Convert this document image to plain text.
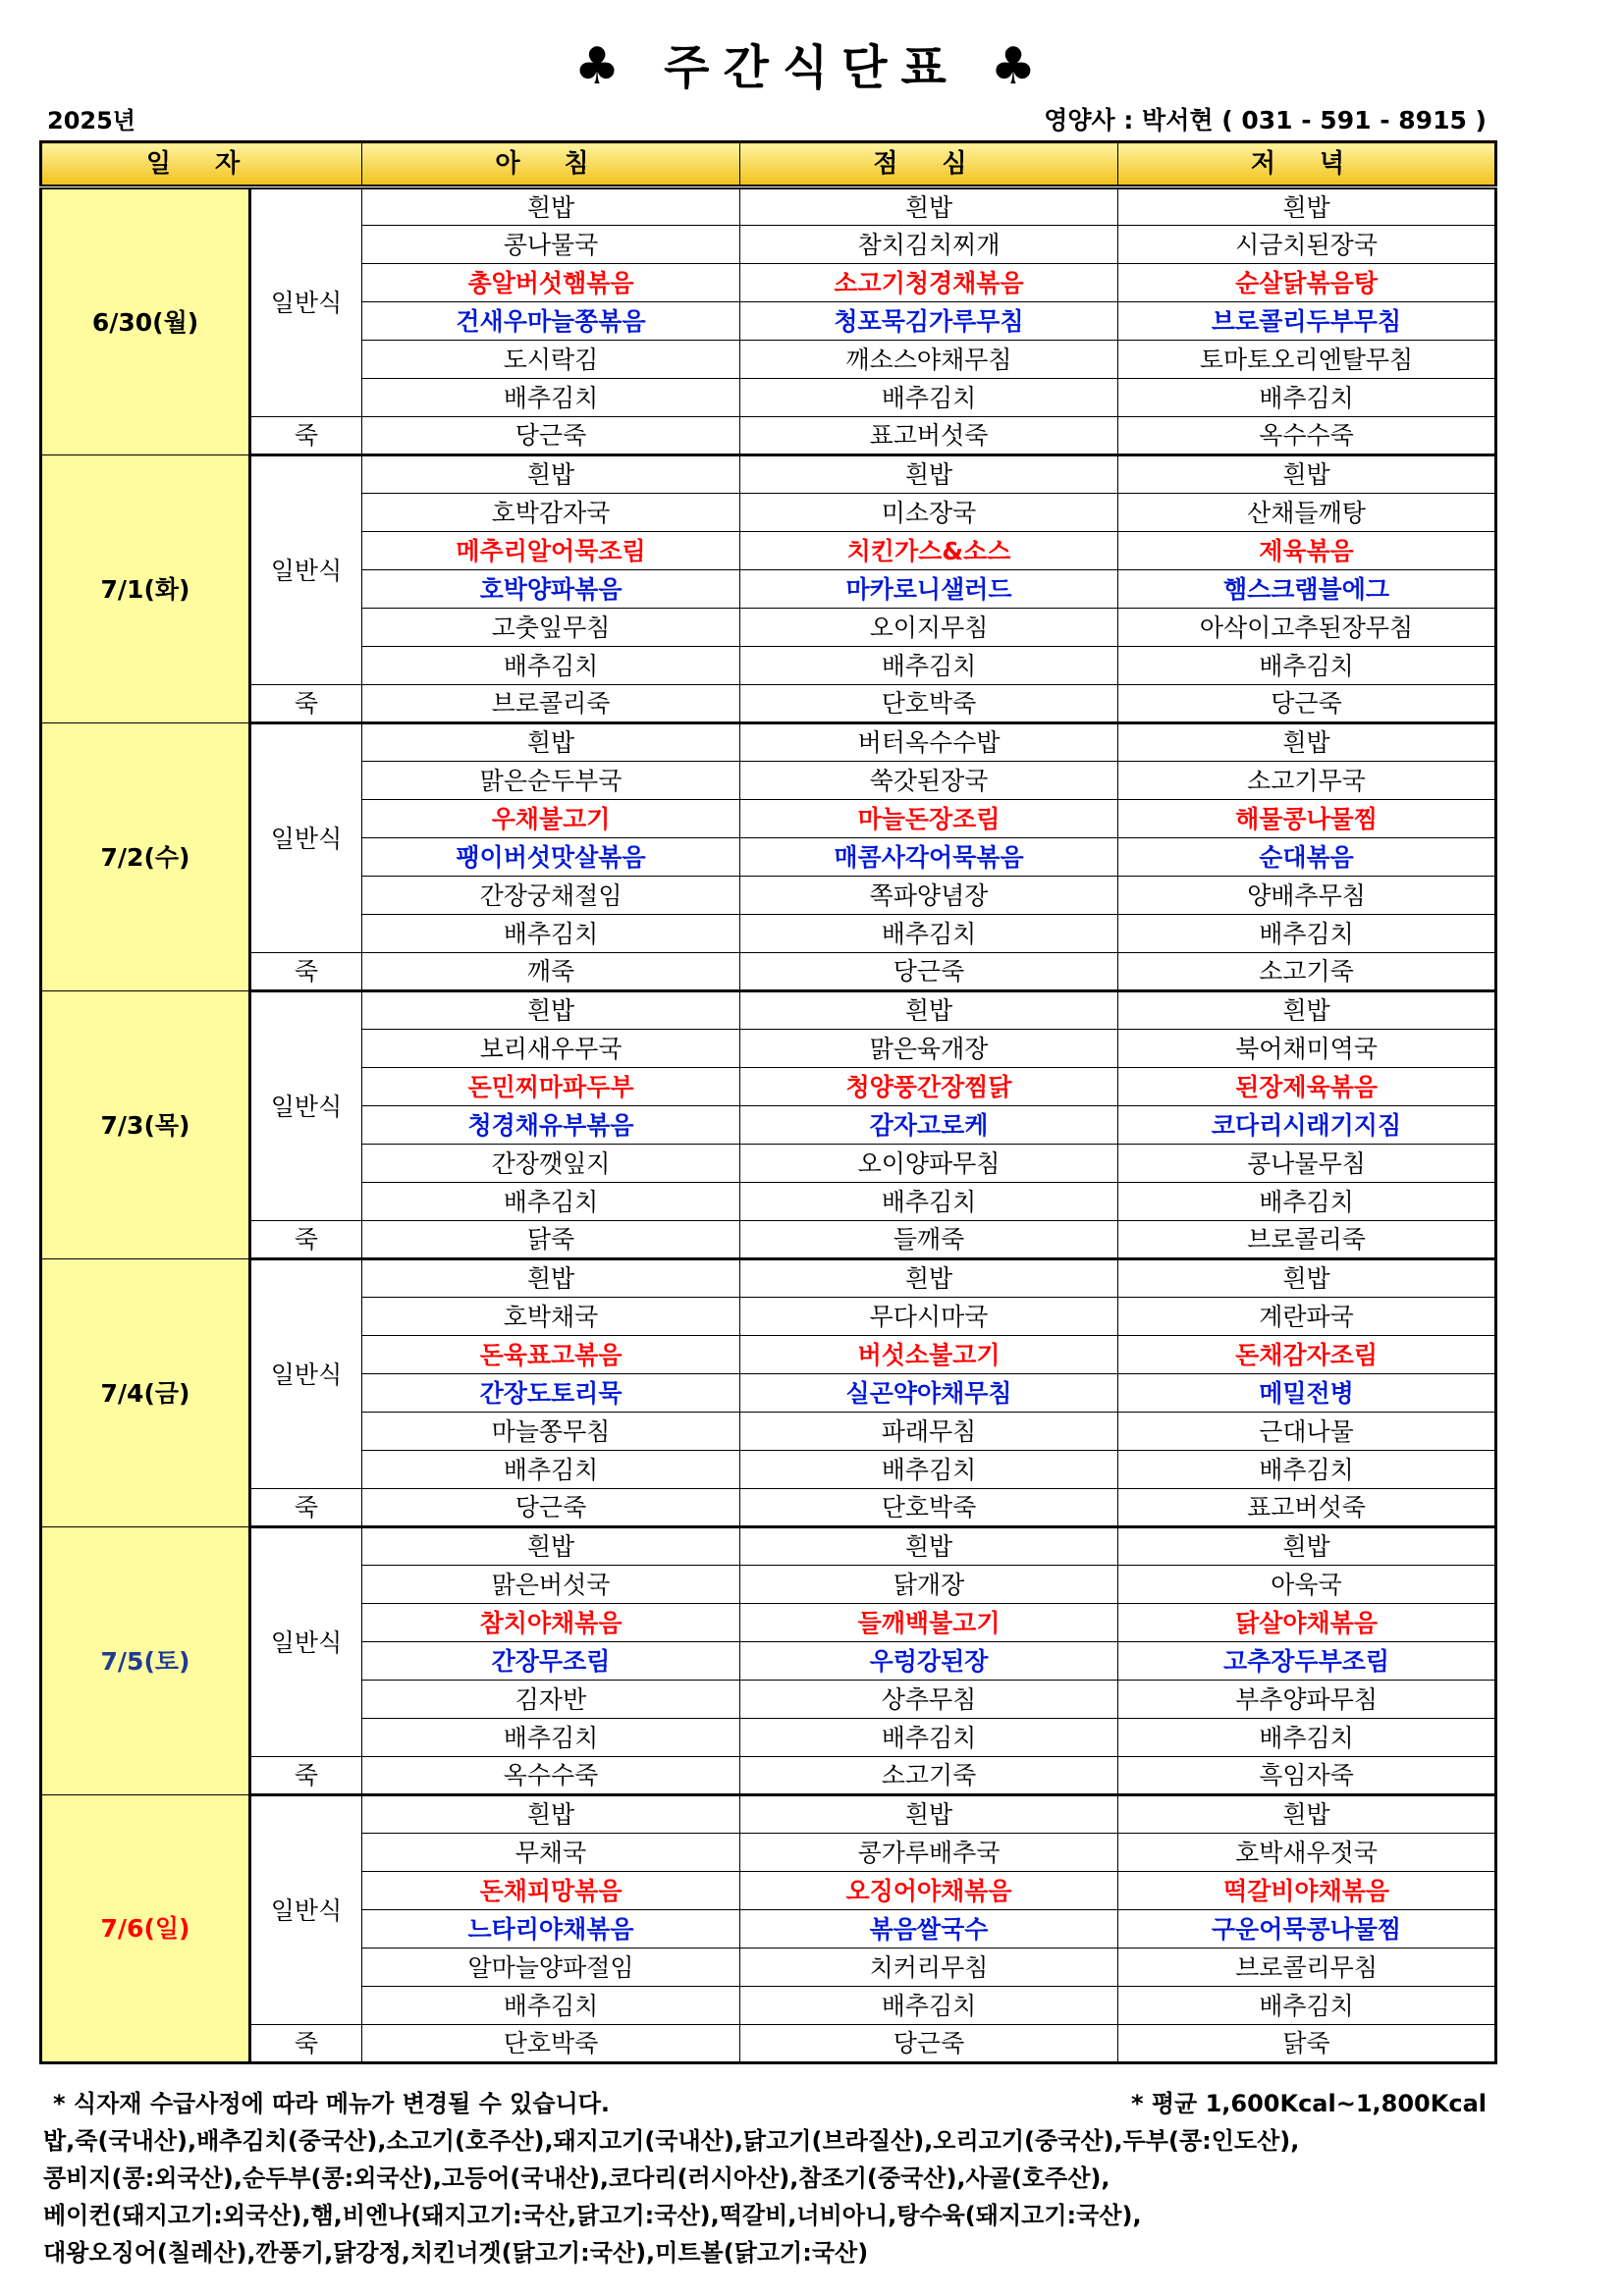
♣ 주간식단표 ♣
2025년	영양사 : 박서현 ( 031 - 591 - 8915 )
일 자		아 침	점 심	저 녁
6/30(월)	일반식	흰밥	흰밥	흰밥
		콩나물국	참치김치찌개	시금치된장국
		총알버섯햄볶음	소고기청경채볶음	순살닭볶음탕
		건새우마늘쫑볶음	청포묵김가루무침	브로콜리두부무침
		도시락김	깨소스야채무침	토마토오리엔탈무침
		배추김치	배추김치	배추김치
	죽	당근죽	표고버섯죽	옥수수죽
7/1(화)	일반식	흰밥	흰밥	흰밥
		호박감자국	미소장국	산채들깨탕
		메추리알어묵조림	치킨가스&소스	제육볶음
		호박양파볶음	마카로니샐러드	햄스크램블에그
		고춧잎무침	오이지무침	아삭이고추된장무침
		배추김치	배추김치	배추김치
	죽	브로콜리죽	단호박죽	당근죽
7/2(수)	일반식	흰밥	버터옥수수밥	흰밥
		맑은순두부국	쑥갓된장국	소고기무국
		우채불고기	마늘돈장조림	해물콩나물찜
		팽이버섯맛살볶음	매콤사각어묵볶음	순대볶음
		간장궁채절임	쪽파양념장	양배추무침
		배추김치	배추김치	배추김치
	죽	깨죽	당근죽	소고기죽
7/3(목)	일반식	흰밥	흰밥	흰밥
		보리새우무국	맑은육개장	북어채미역국
		돈민찌마파두부	청양풍간장찜닭	된장제육볶음
		청경채유부볶음	감자고로케	코다리시래기지짐
		간장깻잎지	오이양파무침	콩나물무침
		배추김치	배추김치	배추김치
	죽	닭죽	들깨죽	브로콜리죽
7/4(금)	일반식	흰밥	흰밥	흰밥
		호박채국	무다시마국	계란파국
		돈육표고볶음	버섯소불고기	돈채감자조림
		간장도토리묵	실곤약야채무침	메밀전병
		마늘쫑무침	파래무침	근대나물
		배추김치	배추김치	배추김치
	죽	당근죽	단호박죽	표고버섯죽
7/5(토)	일반식	흰밥	흰밥	흰밥
		맑은버섯국	닭개장	아욱국
		참치야채볶음	들깨백불고기	닭살야채볶음
		간장무조림	우렁강된장	고추장두부조림
		김자반	상추무침	부추양파무침
		배추김치	배추김치	배추김치
	죽	옥수수죽	소고기죽	흑임자죽
7/6(일)	일반식	흰밥	흰밥	흰밥
		무채국	콩가루배추국	호박새우젓국
		돈채피망볶음	오징어야채볶음	떡갈비야채볶음
		느타리야채볶음	볶음쌀국수	구운어묵콩나물찜
		알마늘양파절임	치커리무침	브로콜리무침
		배추김치	배추김치	배추김치
	죽	단호박죽	당근죽	닭죽
* 식자재 수급사정에 따라 메뉴가 변경될 수 있습니다.	* 평균 1,600Kcal~1,800Kcal
밥,죽(국내산),배추김치(중국산),소고기(호주산),돼지고기(국내산),닭고기(브라질산),오리고기(중국산),두부(콩:인도산),
콩비지(콩:외국산),순두부(콩:외국산),고등어(국내산),코다리(러시아산),참조기(중국산),사골(호주산),
베이컨(돼지고기:외국산),햄,비엔나(돼지고기:국산,닭고기:국산),떡갈비,너비아니,탕수육(돼지고기:국산),
대왕오징어(칠레산),깐풍기,닭강정,치킨너겟(닭고기:국산),미트볼(닭고기:국산)
